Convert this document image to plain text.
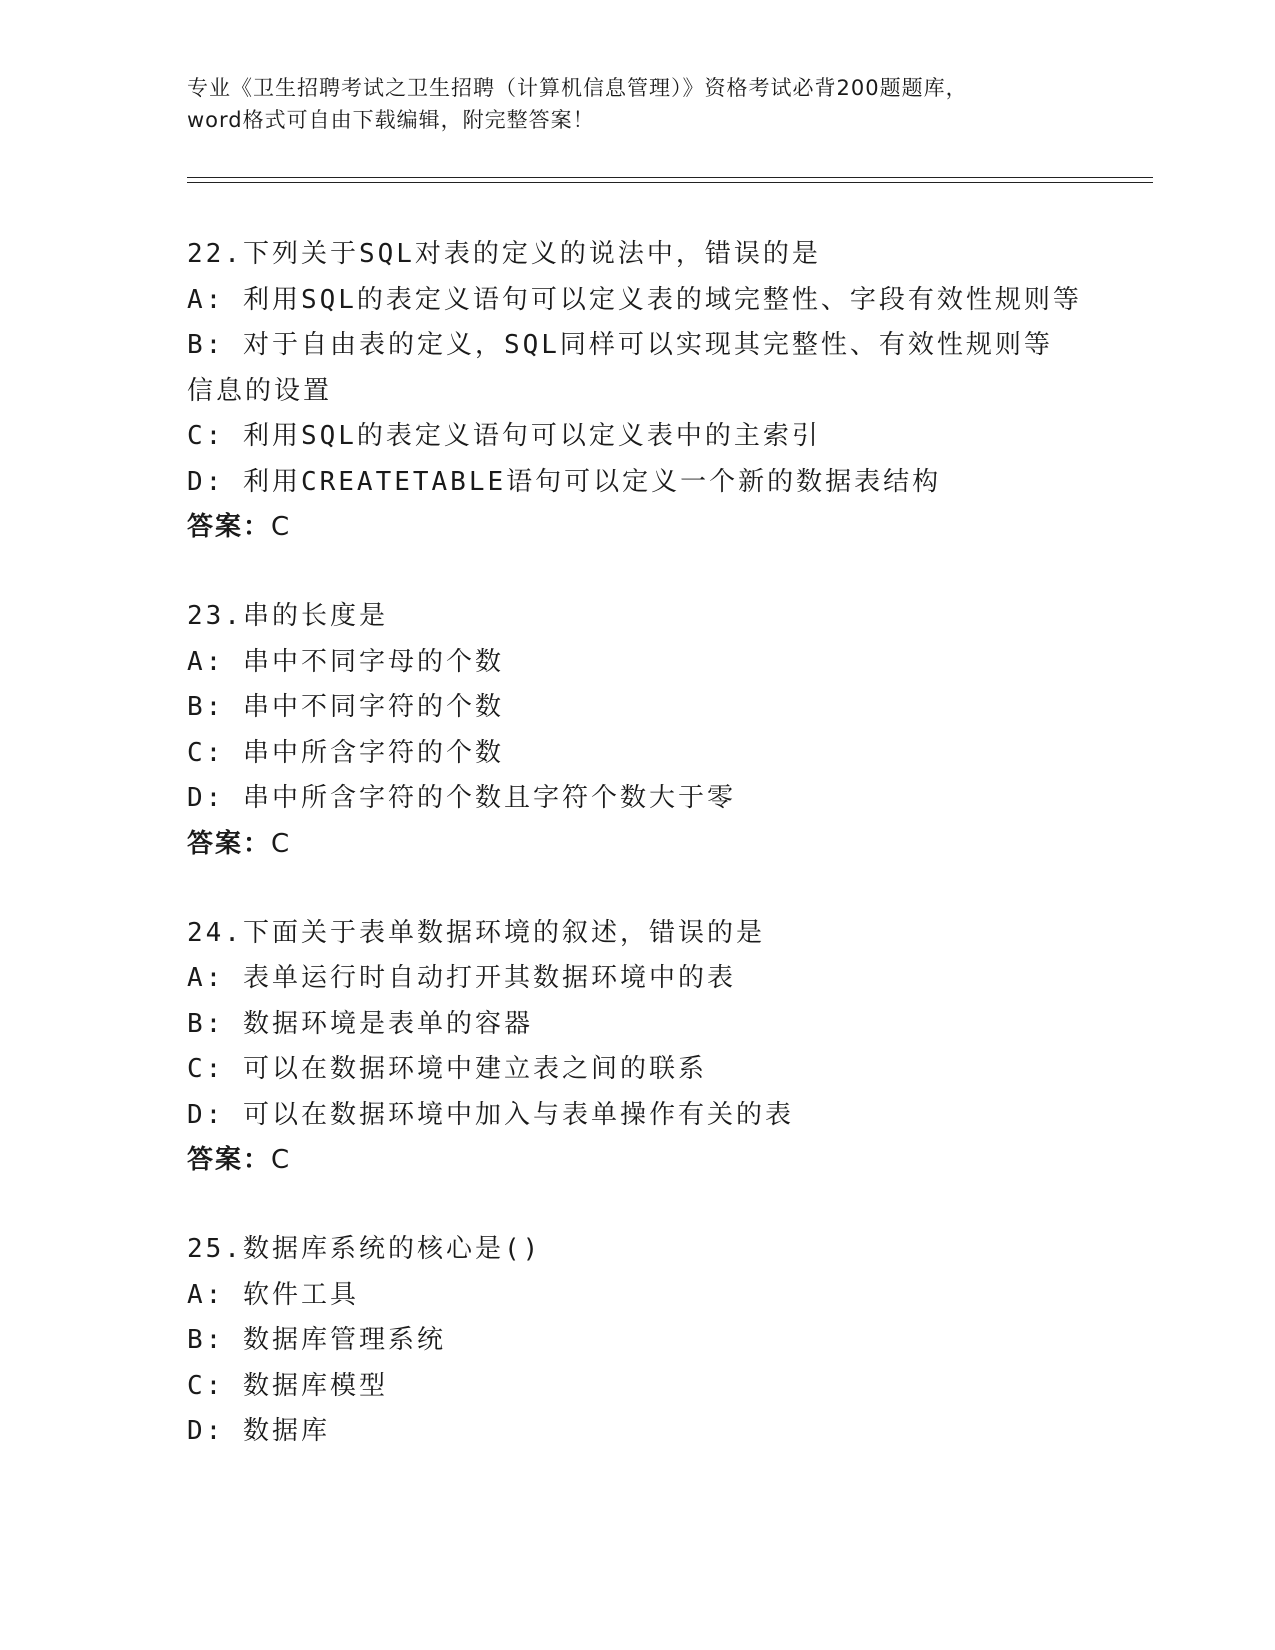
专业《卫生招聘考试之卫生招聘（计算机信息管理）》资格考试必背200题题库，
word格式可自由下载编辑，附完整答案！
22.下列关于SQL对表的定义的说法中，错误的是
A: 利用SQL的表定义语句可以定义表的域完整性、字段有效性规则等
B: 对于自由表的定义，SQL同样可以实现其完整性、有效性规则等信息的设置
C: 利用SQL的表定义语句可以定义表中的主索引
D: 利用CREATETABLE语句可以定义一个新的数据表结构
答案：C
23.串的长度是
A: 串中不同字母的个数
B: 串中不同字符的个数
C: 串中所含字符的个数
D: 串中所含字符的个数且字符个数大于零
答案：C
24.下面关于表单数据环境的叙述，错误的是
A: 表单运行时自动打开其数据环境中的表
B: 数据环境是表单的容器
C: 可以在数据环境中建立表之间的联系
D: 可以在数据环境中加入与表单操作有关的表
答案：C
25.数据库系统的核心是()
A: 软件工具
B: 数据库管理系统
C: 数据库模型
D: 数据库
